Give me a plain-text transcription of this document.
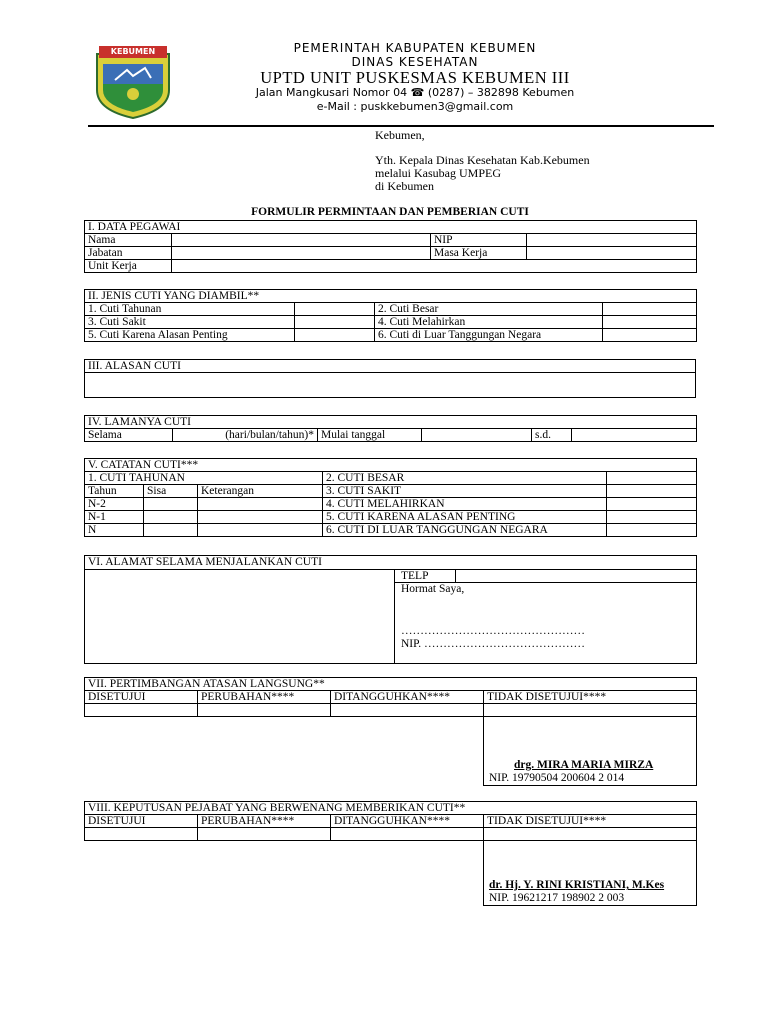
KEBUMEN	PEMERINTAH KABUPATEN KEBUMEN
DINAS KESEHATAN
UPTD UNIT PUSKESMAS KEBUMEN III
Jalan Mangkusari Nomor 04 ☎ (0287) – 382898 Kebumen
e-Mail : puskkebumen3@gmail.com
Kebumen,
Yth. Kepala Dinas Kesehatan Kab.Kebumen
melalui Kasubag UMPEG
di Kebumen
FORMULIR PERMINTAAN DAN PEMBERIAN CUTI
I. DATA PEGAWAI			
Nama		NIP	
Jabatan		Masa Kerja	
Unit Kerja			
II. JENIS CUTI YANG DIAMBIL**			
1. Cuti Tahunan		2. Cuti Besar	
3. Cuti Sakit		4. Cuti Melahirkan	
5. Cuti Karena Alasan Penting		6. Cuti di Luar Tanggungan Negara	
III. ALASAN CUTI

IV. LAMANYA CUTI
Selama	(hari/bulan/tahun)*	Mulai tanggal		s.d.	
V. CATATAN CUTI***				
1. CUTI TAHUNAN			2. CUTI BESAR	
Tahun	Sisa	Keterangan	3. CUTI SAKIT	
N-2			4. CUTI MELAHIRKAN	
N-1			5. CUTI KARENA ALASAN PENTING	
N			6. CUTI DI LUAR TANGGUNGAN NEGARA	
VI. ALAMAT SELAMA MENJALANKAN CUTI
	TELP	

Hormat Saya,
…………………………………………
NIP. ……………………………………
VII. PERTIMBANGAN ATASAN LANGSUNG**			
DISETUJUI	PERUBAHAN****	DITANGGUHKAN****	TIDAK DISETUJUI****

			drg. MIRA MARIA MIRZA
NIP. 19790504 200604 2 014
VIII. KEPUTUSAN PEJABAT YANG BERWENANG MEMBERIKAN CUTI**			
DISETUJUI	PERUBAHAN****	DITANGGUHKAN****	TIDAK DISETUJUI****

			dr. Hj. Y. RINI KRISTIANI, M.Kes
NIP. 19621217 198902 2 003
